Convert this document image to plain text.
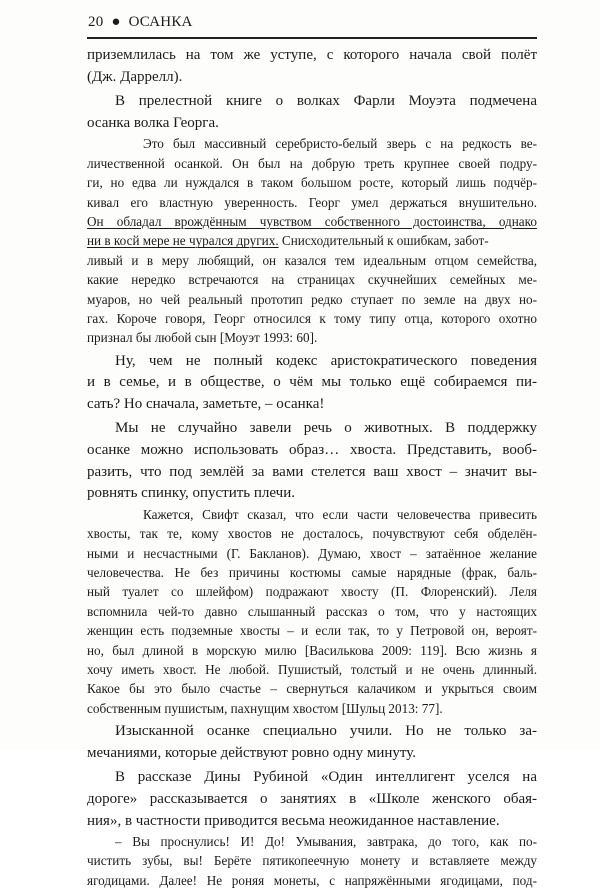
20 ● ОСАНКА
приземлилась на том же уступе, с которого начала свой полёт
(Дж. Даррелл).
В прелестной книге о волках Фарли Моуэта подмечена
осанка волка Георга.
Это был массивный серебристо-белый зверь с на редкость ве-
личественной осанкой. Он был на добрую треть крупнее своей подру-
ги, но едва ли нуждался в таком большом росте, который лишь подчёр-
кивал его властную уверенность. Георг умел держаться внушительно.
Он обладал врождённым чувством собственного достоинства, однако
ни в косй мере не чурался других. Снисходительный к ошибкам, забот-
ливый и в меру любящий, он казался тем идеальным отцом семейства,
какие нередко встречаются на страницах скучнейших семейных ме-
муаров, но чей реальный прототип редко ступает по земле на двух но-
гах. Короче говоря, Георг относился к тому типу отца, которого охотно
признал бы любой сын [Моуэт 1993: 60].
Ну, чем не полный кодекс аристократического поведения
и в семье, и в обществе, о чём мы только ещё собираемся пи-
сать? Но сначала, заметьте, – осанка!
Мы не случайно завели речь о животных. В поддержку
осанке можно использовать образ… хвоста. Представить, вооб-
разить, что под землёй за вами стелется ваш хвост – значит вы-
ровнять спинку, опустить плечи.
Кажется, Свифт сказал, что если части человечества привесить
хвосты, так те, кому хвостов не досталось, почувствуют себя обделён-
ными и несчастными (Г. Бакланов). Думаю, хвост – затаённое желание
человечества. Не без причины костюмы самые нарядные (фрак, баль-
ный туалет со шлейфом) подражают хвосту (П. Флоренский). Леля
вспомнила чей-то давно слышанный рассказ о том, что у настоящих
женщин есть подземные хвосты – и если так, то у Петровой он, вероят-
но, был длиной в морскую милю [Василькова 2009: 119]. Всю жизнь я
хочу иметь хвост. Не любой. Пушистый, толстый и не очень длинный.
Какое бы это было счастье – свернуться калачиком и укрыться своим
собственным пушистым, пахнущим хвостом [Шульц 2013: 77].
Изысканной осанке специально учили. Но не только за-
мечаниями, которые действуют ровно одну минуту.
В рассказе Дины Рубиной «Один интеллигент уселся на
дороге» рассказывается о занятиях в «Школе женского обая-
ния», в частности приводится весьма неожиданное наставление.
– Вы проснулись! И! До! Умывания, завтрака, до того, как по-
чистить зубы, вы! Берёте пятикопеечную монету и вставляете между
ягодицами. Далее! Не роняя монеты, с напряжёнными ягодицами, под-
